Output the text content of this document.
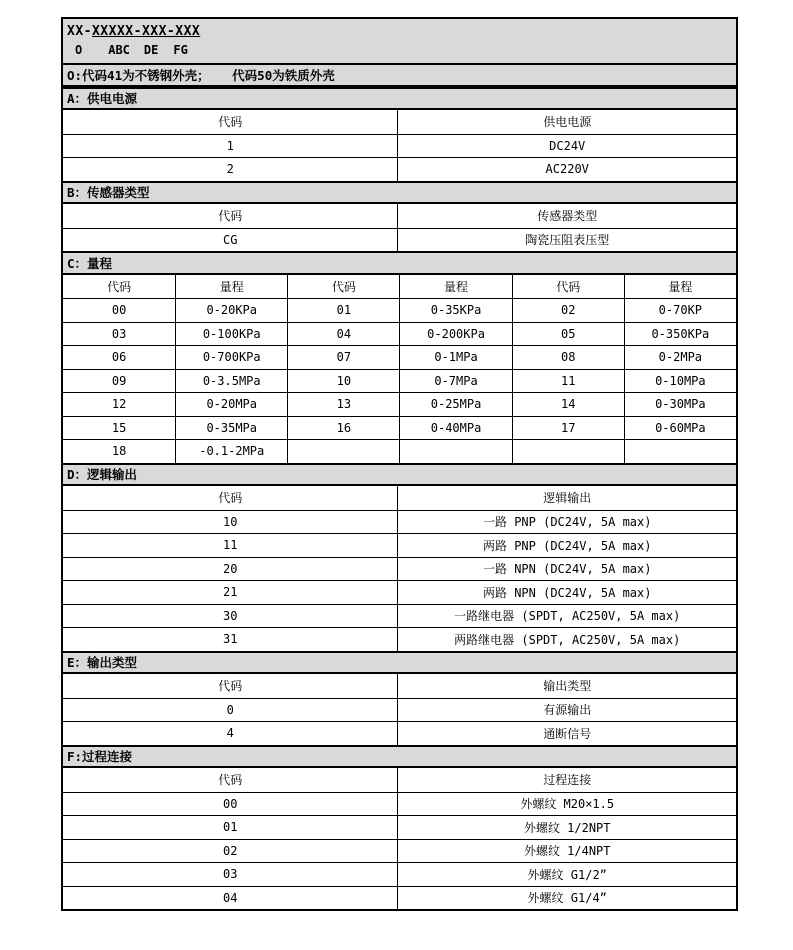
XX-XXXXX-XXX-XXX
O ABC DE FG
O:代码41为不锈钢外壳；   代码50为铁质外壳
A：供电电源
代码	供电电源
1	DC24V
2	AC220V
B：传感器类型
代码	传感器类型
CG	陶瓷压阻表压型
C：量程
代码	量程	代码	量程	代码	量程
00	0-20KPa	01	0-35KPa	02	0-70KP
03	0-100KPa	04	0-200KPa	05	0-350KPa
06	0-700KPa	07	0-1MPa	08	0-2MPa
09	0-3.5MPa	10	0-7MPa	11	0-10MPa
12	0-20MPa	13	0-25MPa	14	0-30MPa
15	0-35MPa	16	0-40MPa	17	0-60MPa
18	-0.1-2MPa
D：逻辑输出
代码	逻辑输出
10	一路 PNP (DC24V, 5A max)
11	两路 PNP (DC24V, 5A max)
20	一路 NPN (DC24V, 5A max)
21	两路 NPN (DC24V, 5A max)
30	一路继电器 (SPDT, AC250V, 5A max)
31	两路继电器 (SPDT, AC250V, 5A max)
E：输出类型
代码	输出类型
0	有源输出
4	通断信号
F:过程连接
代码	过程连接
00	外螺纹 M20×1.5
01	外螺纹 1/2NPT
02	外螺纹 1/4NPT
03	外螺纹 G1/2”
04	外螺纹 G1/4”
